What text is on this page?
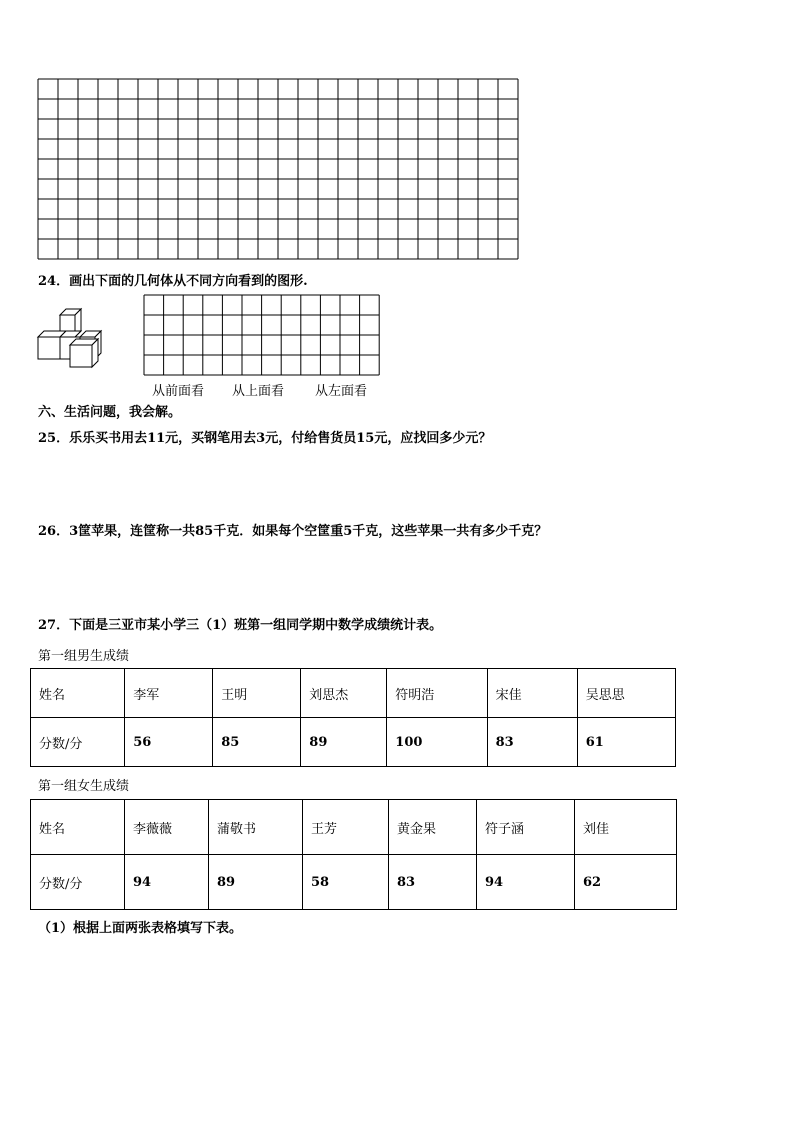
24．画出下面的几何体从不同方向看到的图形.
从前面看 从上面看 从左面看
六、生活问题，我会解。
25．乐乐买书用去11元，买钢笔用去3元，付给售货员15元，应找回多少元？
26．3筐苹果，连筐称一共85千克．如果每个空筐重5千克，这些苹果一共有多少千克？
27．下面是三亚市某小学三（1）班第一组同学期中数学成绩统计表。
第一组男生成绩
姓名	李军	王明	刘思杰	符明浩	宋佳	吴思思
分数/分	56	85	89	100	83	61
第一组女生成绩
姓名	李薇薇	蒲敬书	王芳	黄金果	符子涵	刘佳
分数/分	94	89	58	83	94	62
（1）根据上面两张表格填写下表。
